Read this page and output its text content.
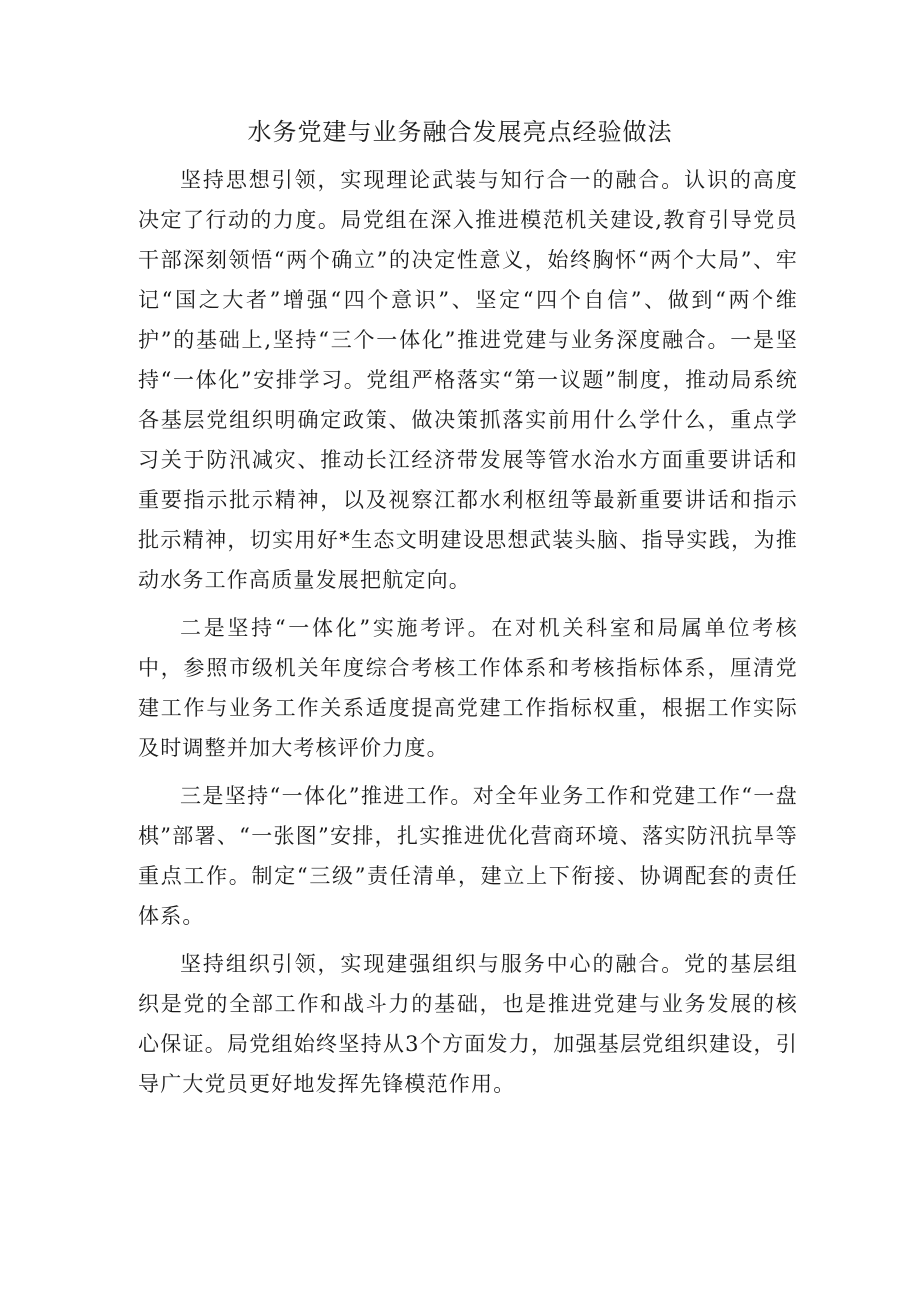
水务党建与业务融合发展亮点经验做法

坚持思想引领，实现理论武装与知行合一的融合。认识的高度决定了行动的力度。局党组在深入推进模范机关建设,教育引导党员干部深刻领悟“两个确立”的决定性意义，始终胸怀“两个大局”、牢记“国之大者”增强“四个意识”、坚定“四个自信”、做到“两个维护”的基础上,坚持“三个一体化”推进党建与业务深度融合。一是坚持“一体化”安排学习。党组严格落实“第一议题”制度，推动局系统各基层党组织明确定政策、做决策抓落实前用什么学什么，重点学习关于防汛减灾、推动长江经济带发展等管水治水方面重要讲话和重要指示批示精神，以及视察江都水利枢纽等最新重要讲话和指示批示精神，切实用好*生态文明建设思想武装头脑、指导实践，为推动水务工作高质量发展把航定向。

二是坚持“一体化”实施考评。在对机关科室和局属单位考核中，参照市级机关年度综合考核工作体系和考核指标体系，厘清党建工作与业务工作关系适度提高党建工作指标权重，根据工作实际及时调整并加大考核评价力度。

三是坚持“一体化”推进工作。对全年业务工作和党建工作“一盘棋”部署、“一张图”安排，扎实推进优化营商环境、落实防汛抗旱等重点工作。制定“三级”责任清单，建立上下衔接、协调配套的责任体系。

坚持组织引领，实现建强组织与服务中心的融合。党的基层组织是党的全部工作和战斗力的基础，也是推进党建与业务发展的核心保证。局党组始终坚持从3个方面发力，加强基层党组织建设，引导广大党员更好地发挥先锋模范作用。
